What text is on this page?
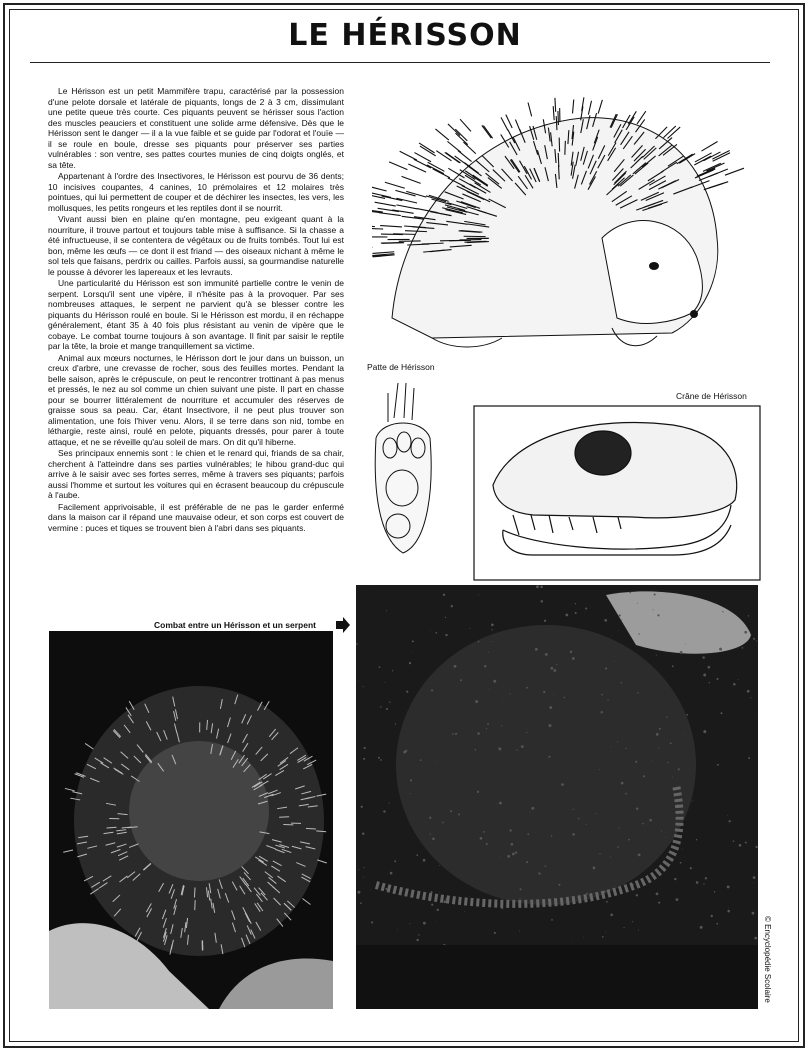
LE HÉRISSON

Le Hérisson est un petit Mammifère trapu, caractérisé par la possession d'une pelote dorsale et latérale de piquants, longs de 2 à 3 cm, dissimulant une petite queue très courte. Ces piquants peuvent se hérisser sous l'action des muscles peauciers et constituent une solide arme défensive. Dès que le Hérisson sent le danger — il a la vue faible et se guide par l'odorat et l'ouïe — il se roule en boule, dresse ses piquants pour préserver ses parties vulnérables : son ventre, ses pattes courtes munies de cinq doigts onglés, et sa tête.

Appartenant à l'ordre des Insectivores, le Hérisson est pourvu de 36 dents; 10 incisives coupantes, 4 canines, 10 prémolaires et 12 molaires très pointues, qui lui permettent de couper et de déchirer les insectes, les vers, les mollusques, les petits rongeurs et les reptiles dont il se nourrit.

Vivant aussi bien en plaine qu'en montagne, peu exigeant quant à la nourriture, il trouve partout et toujours table mise à suffisance. Si la chasse a été infructueuse, il se contentera de végétaux ou de fruits tombés. Tout lui est bon, même les œufs — ce dont il est friand — des oiseaux nichant à même le sol tels que faisans, perdrix ou cailles. Parfois aussi, sa gourmandise naturelle le pousse à dévorer les lapereaux et les levrauts.

Une particularité du Hérisson est son immunité partielle contre le venin de serpent. Lorsqu'il sent une vipère, il n'hésite pas à la provoquer. Par ses nombreuses attaques, le serpent ne parvient qu'à se blesser contre les piquants du Hérisson roulé en boule. Si le Hérisson est mordu, il en réchappe généralement, étant 35 à 40 fois plus résistant au venin de vipère que le cobaye. Le combat tourne toujours à son avantage. Il finit par saisir le reptile par la tête, la broie et mange tranquillement sa victime.

Animal aux mœurs nocturnes, le Hérisson dort le jour dans un buisson, un creux d'arbre, une crevasse de rocher, sous des feuilles mortes. Pendant la belle saison, après le crépuscule, on peut le rencontrer trottinant à pas menus et pressés, le nez au sol comme un chien suivant une piste. Il part en chasse pour se bourrer littéralement de nourriture et accumuler des réserves de graisse sous sa peau. Car, étant Insectivore, il ne peut plus trouver son alimentation, une fois l'hiver venu. Alors, il se terre dans son nid, tombe en léthargie, reste ainsi, roulé en pelote, piquants dressés, pour parer à toute attaque, et ne se réveille qu'au soleil de mars. On dit qu'il hiberne.

Ses principaux ennemis sont : le chien et le renard qui, friands de sa chair, cherchent à l'atteindre dans ses parties vulnérables; le hibou grand-duc qui arrive à le saisir avec ses fortes serres, même à travers ses piquants; parfois aussi l'homme et surtout les voitures qui en écrasent beaucoup du crépuscule à l'aube.

Facilement apprivoisable, il est préférable de ne pas le garder enfermé dans la maison car il répand une mauvaise odeur, et son corps est couvert de vermine : puces et tiques se trouvent bien à l'abri dans ses piquants.

Patte de Hérisson
Crâne de Hérisson
Combat entre un Hérisson et un serpent
© Encyclopédie Scolaire
